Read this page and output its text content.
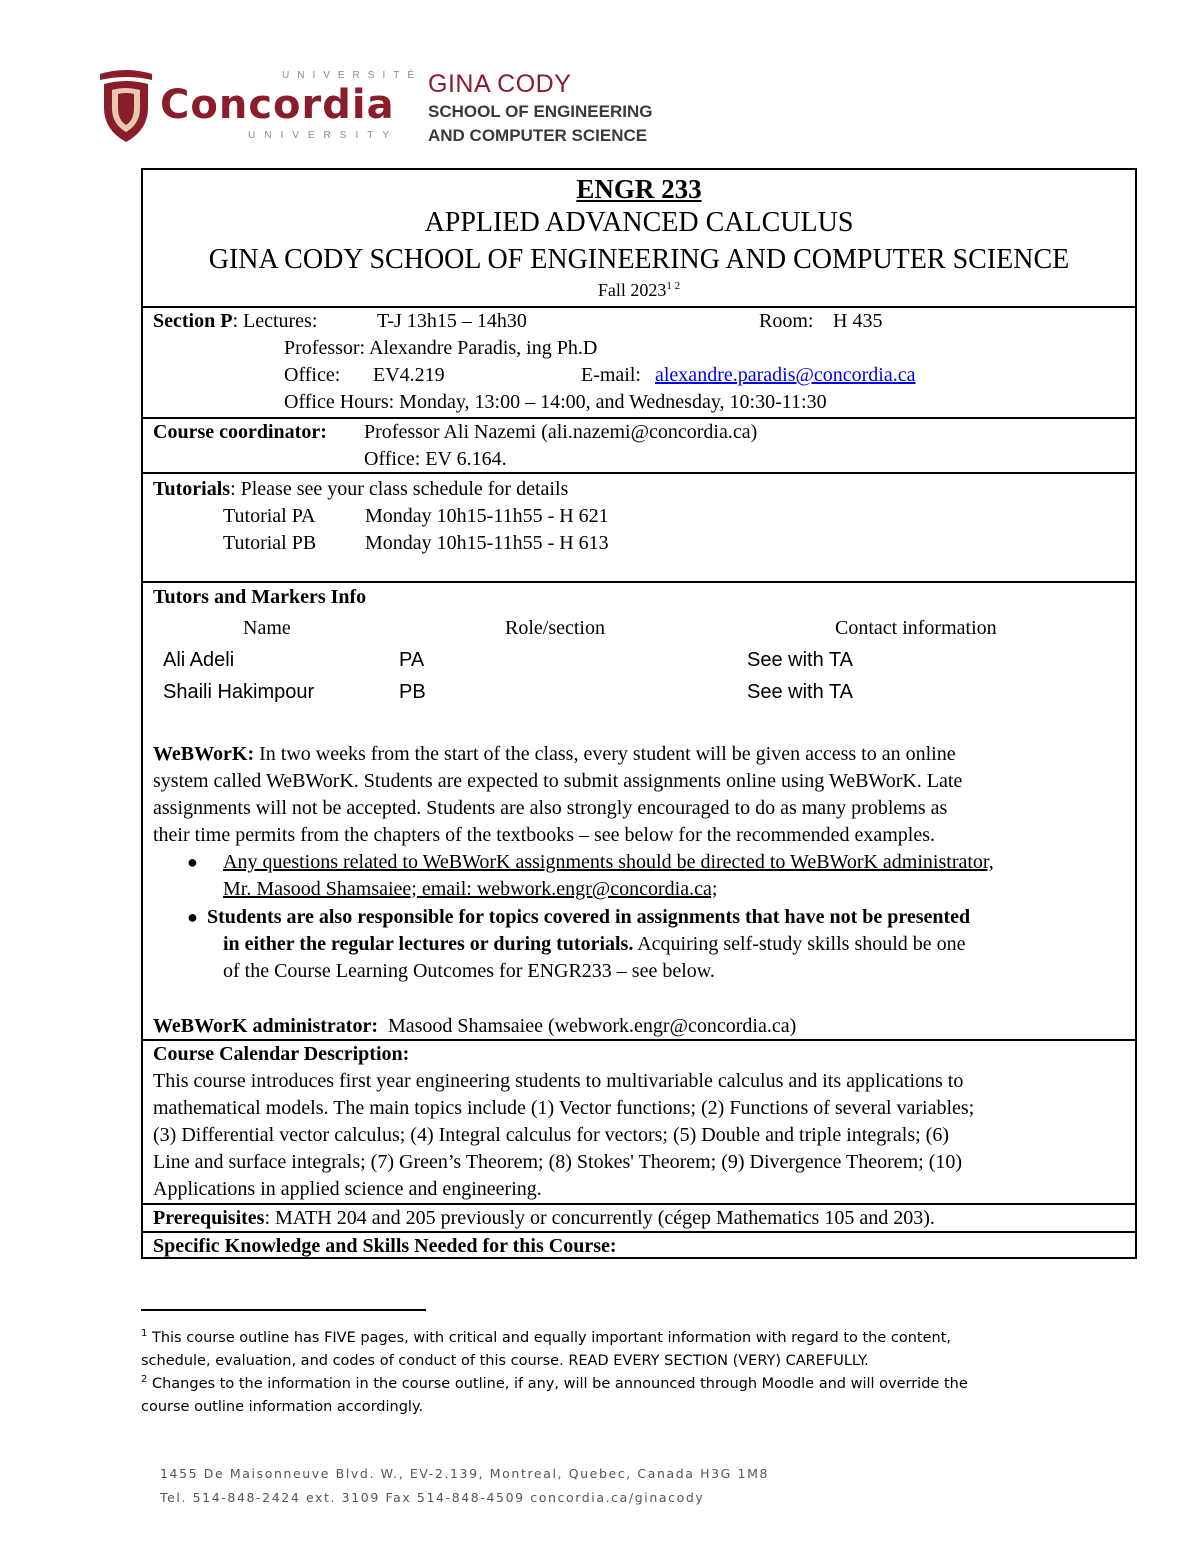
UNIVERSITÉ
Concordia
UNIVERSITY
GINA CODY
SCHOOL OF ENGINEERING
AND COMPUTER SCIENCE
ENGR 233
APPLIED ADVANCED CALCULUS
GINA CODY SCHOOL OF ENGINEERING AND COMPUTER SCIENCE
Fall $2023^{1 2}$
Section P: Lectures:	T-J 13h15 – 14h30	Room: H 435
Professor: Alexandre Paradis, ing Ph.D
Office: EV4.219	E-mail: alexandre.paradis@concordia.ca
Office Hours: Monday, 13:00 – 14:00, and Wednesday, 10:30-11:30
Course coordinator: Professor Ali Nazemi (ali.nazemi@concordia.ca)
Office: EV 6.164.
Tutorials: Please see your class schedule for details
Tutorial PA Monday 10h15-11h55 - H 621
Tutorial PB Monday 10h15-11h55 - H 613
Tutors and Markers Info
Name	Role/section	Contact information
Ali Adeli	PA	See with TA
Shaili Hakimpour	PB	See with TA
WeBWorK: In two weeks from the start of the class, every student will be given access to an online
system called WeBWorK. Students are expected to submit assignments online using WeBWorK. Late
assignments will not be accepted. Students are also strongly encouraged to do as many problems as
their time permits from the chapters of the textbooks – see below for the recommended examples.
● Any questions related to WeBWorK assignments should be directed to WeBWorK administrator,
Mr. Masood Shamsaiee; email: webwork.engr@concordia.ca;
● Students are also responsible for topics covered in assignments that have not be presented
in either the regular lectures or during tutorials. Acquiring self-study skills should be one
of the Course Learning Outcomes for ENGR233 – see below.
WeBWorK administrator: Masood Shamsaiee (webwork.engr@concordia.ca)
Course Calendar Description:
This course introduces first year engineering students to multivariable calculus and its applications to
mathematical models. The main topics include (1) Vector functions; (2) Functions of several variables;
(3) Differential vector calculus; (4) Integral calculus for vectors; (5) Double and triple integrals; (6)
Line and surface integrals; (7) Green’s Theorem; (8) Stokes' Theorem; (9) Divergence Theorem; (10)
Applications in applied science and engineering.
Prerequisites: MATH 204 and 205 previously or concurrently (cégep Mathematics 105 and 203).
Specific Knowledge and Skills Needed for this Course:
$^1$ This course outline has FIVE pages, with critical and equally important information with regard to the content,
schedule, evaluation, and codes of conduct of this course. READ EVERY SECTION (VERY) CAREFULLY.
$^2$ Changes to the information in the course outline, if any, will be announced through Moodle and will override the
course outline information accordingly.
1455 De Maisonneuve Blvd. W., EV-2.139, Montreal, Quebec, Canada H3G 1M8
Tel. 514-848-2424 ext. 3109 Fax 514-848-4509 concordia.ca/ginacody
